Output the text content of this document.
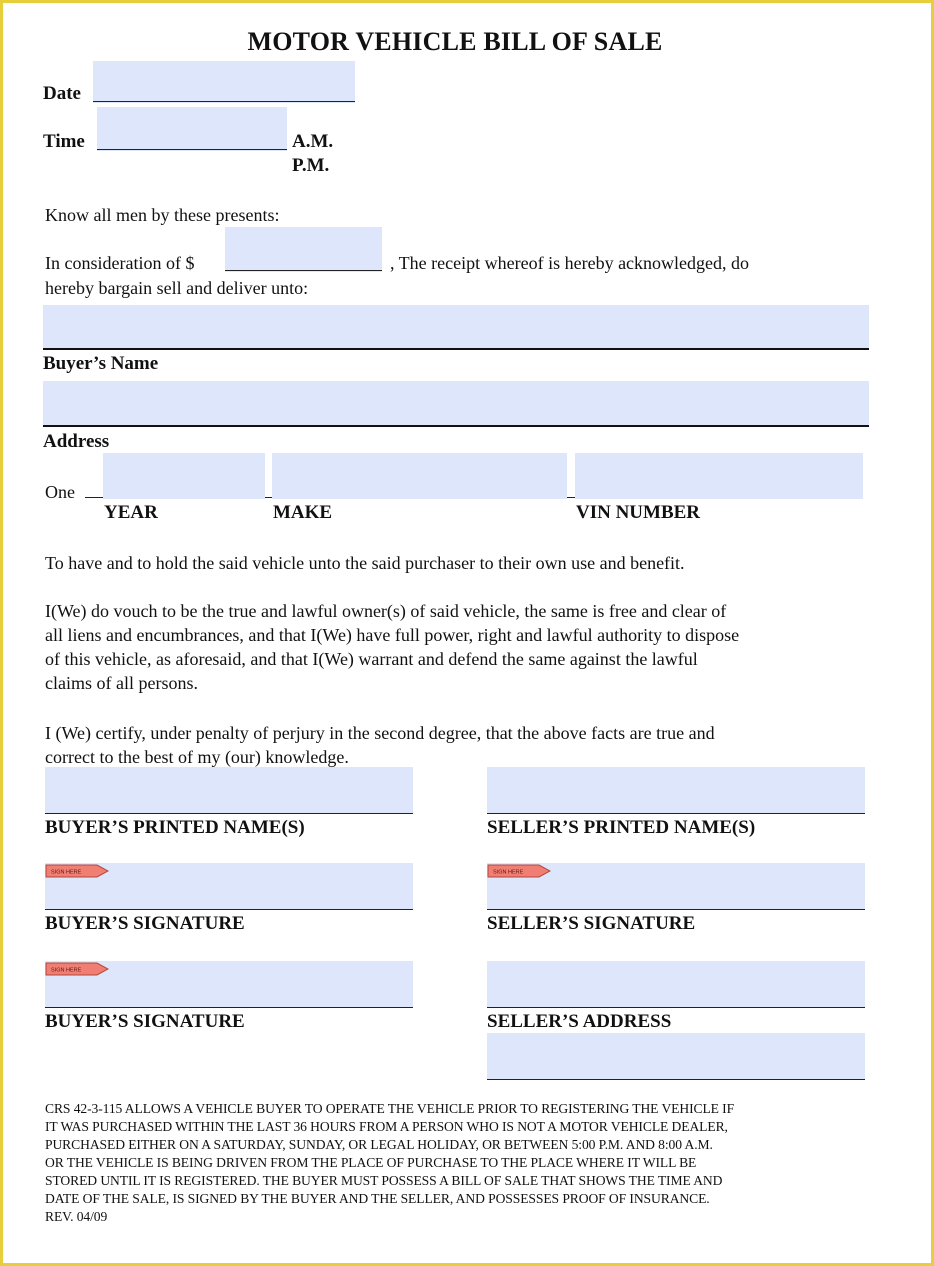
MOTOR VEHICLE BILL OF SALE
Date
Time	A.M.
P.M.
Know all men by these presents:
In consideration of $	, The receipt whereof is hereby acknowledged, do
hereby bargain sell and deliver unto:
Buyer’s Name
Address
One
YEAR	MAKE	VIN NUMBER
To have and to hold the said vehicle unto the said purchaser to their own use and benefit.
I(We) do vouch to be the true and lawful owner(s) of said vehicle, the same is free and clear of
all liens and encumbrances, and that I(We) have full power, right and lawful authority to dispose
of this vehicle, as aforesaid, and that I(We) warrant and defend the same against the lawful
claims of all persons.
I (We) certify, under penalty of perjury in the second degree, that the above facts are true and
correct to the best of my (our) knowledge.
BUYER’S PRINTED NAME(S)	SELLER’S PRINTED NAME(S)
SIGN HERE
BUYER’S SIGNATURE
SIGN HERE
SELLER’S SIGNATURE
SIGN HERE
BUYER’S SIGNATURE	SELLER’S ADDRESS
CRS 42-3-115 ALLOWS A VEHICLE BUYER TO OPERATE THE VEHICLE PRIOR TO REGISTERING THE VEHICLE IF
IT WAS PURCHASED WITHIN THE LAST 36 HOURS FROM A PERSON WHO IS NOT A MOTOR VEHICLE DEALER,
PURCHASED EITHER ON A SATURDAY, SUNDAY, OR LEGAL HOLIDAY, OR BETWEEN 5:00 P.M. AND 8:00 A.M.
OR THE VEHICLE IS BEING DRIVEN FROM THE PLACE OF PURCHASE TO THE PLACE WHERE IT WILL BE
STORED UNTIL IT IS REGISTERED. THE BUYER MUST POSSESS A BILL OF SALE THAT SHOWS THE TIME AND
DATE OF THE SALE, IS SIGNED BY THE BUYER AND THE SELLER, AND POSSESSES PROOF OF INSURANCE.
REV. 04/09
